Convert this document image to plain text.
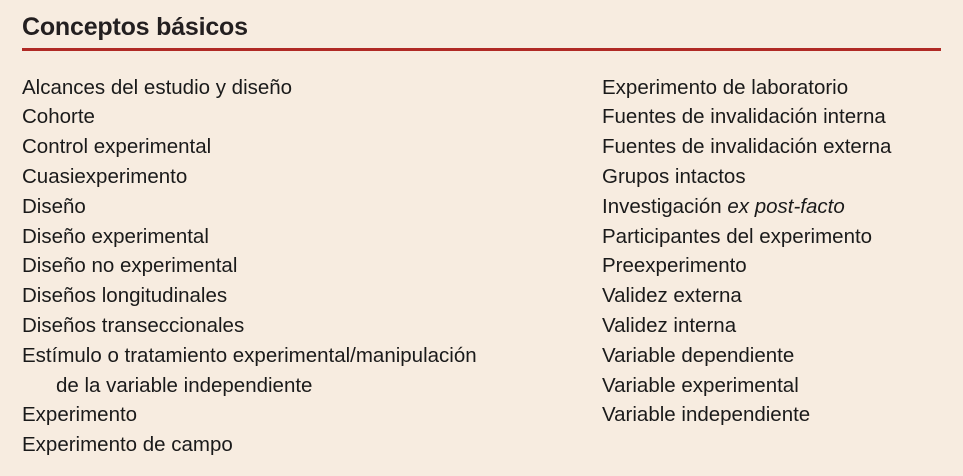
Conceptos básicos
Alcances del estudio y diseño
Cohorte
Control experimental
Cuasiexperimento
Diseño
Diseño experimental
Diseño no experimental
Diseños longitudinales
Diseños transeccionales
Estímulo o tratamiento experimental/manipulación
de la variable independiente
Experimento
Experimento de campo
Experimento de laboratorio
Fuentes de invalidación interna
Fuentes de invalidación externa
Grupos intactos
Investigación ex post-facto
Participantes del experimento
Preexperimento
Validez externa
Validez interna
Variable dependiente
Variable experimental
Variable independiente
